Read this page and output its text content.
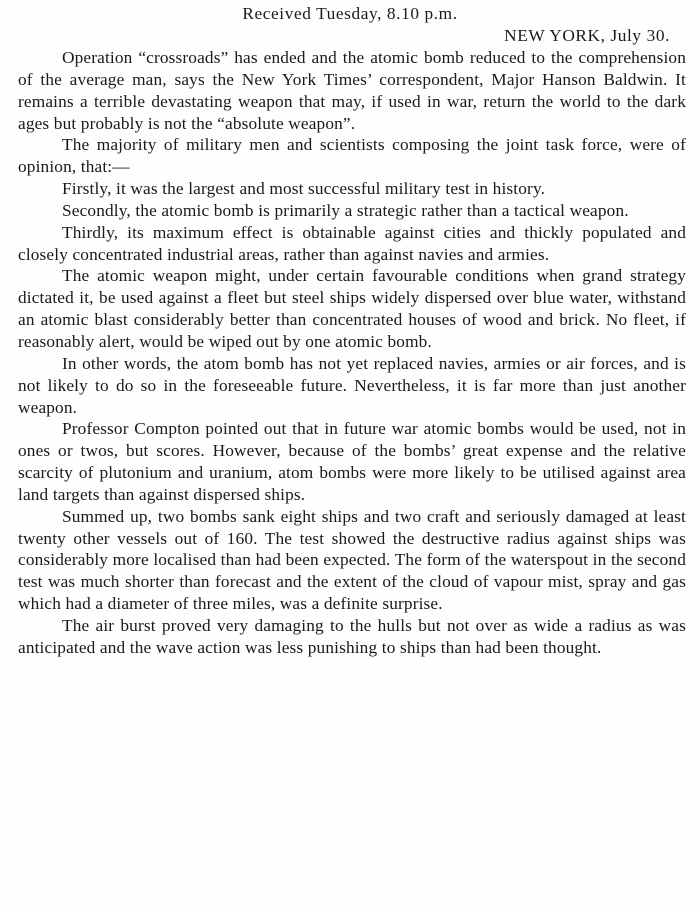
Received Tuesday, 8.10 p.m.
NEW YORK, July 30.

Operation “crossroads” has ended and the atomic bomb reduced to the comprehension of the average man, says the New York Times’ correspondent, Major Hanson Baldwin. It remains a terrible devastating weapon that may, if used in war, return the world to the dark ages but probably is not the “absolute weapon”.

The majority of military men and scientists composing the joint task force, were of opinion, that:—

Firstly, it was the largest and most successful military test in history.

Secondly, the atomic bomb is primarily a strategic rather than a tactical weapon.

Thirdly, its maximum effect is obtainable against cities and thickly populated and closely concentrated industrial areas, rather than against navies and armies.

The atomic weapon might, under certain favourable conditions when grand strategy dictated it, be used against a fleet but steel ships widely dispersed over blue water, withstand an atomic blast considerably better than concentrated houses of wood and brick. No fleet, if reasonably alert, would be wiped out by one atomic bomb.

In other words, the atom bomb has not yet replaced navies, armies or air forces, and is not likely to do so in the foreseeable future. Nevertheless, it is far more than just another weapon.

Professor Compton pointed out that in future war atomic bombs would be used, not in ones or twos, but scores. However, because of the bombs’ great expense and the relative scarcity of plutonium and uranium, atom bombs were more likely to be utilised against area land targets than against dispersed ships.

Summed up, two bombs sank eight ships and two craft and seriously damaged at least twenty other vessels out of 160. The test showed the destructive radius against ships was considerably more localised than had been expected. The form of the waterspout in the second test was much shorter than forecast and the extent of the cloud of vapour mist, spray and gas which had a diameter of three miles, was a definite surprise.

The air burst proved very damaging to the hulls but not over as wide a radius as was anticipated and the wave action was less punishing to ships than had been thought.
